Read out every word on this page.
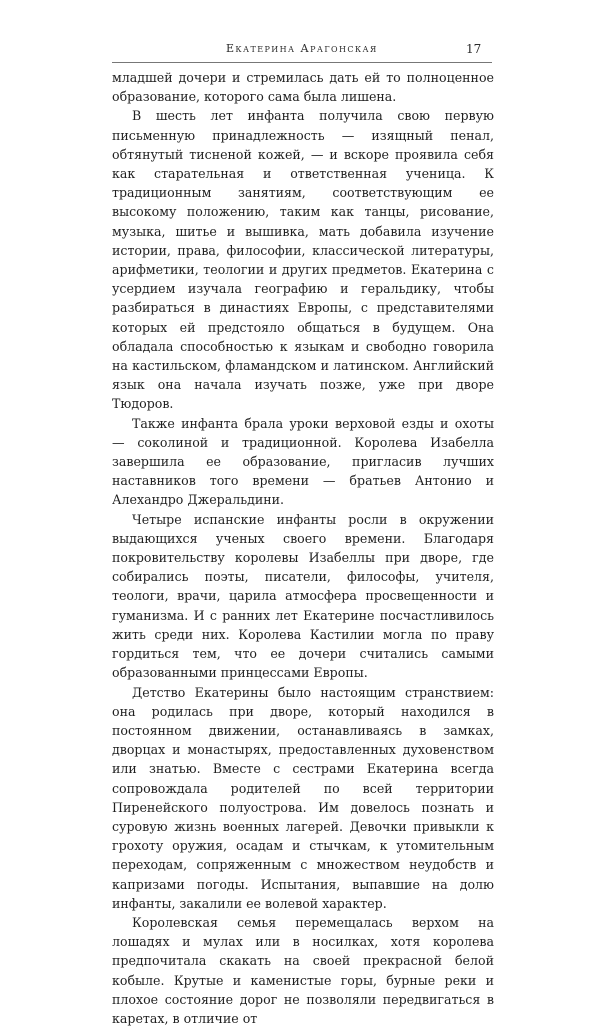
Екатерина Арагонская	17

младшей дочери и стремилась дать ей то полноценное образование, которого сама была лишена.

В шесть лет инфанта получила свою первую письменную принадлежность — изящный пенал, обтянутый тисненой кожей, — и вскоре проявила себя как старательная и ответственная ученица. К традиционным занятиям, соответствующим ее высокому положению, таким как танцы, рисование, музыка, шитье и вышивка, мать добавила изучение истории, права, философии, классической литературы, арифметики, теологии и других предметов. Екатерина с усердием изучала географию и геральдику, чтобы разбираться в династиях Европы, с представителями которых ей предстояло общаться в будущем. Она обладала способностью к языкам и свободно говорила на кастильском, фламандском и латинском. Английский язык она начала изучать позже, уже при дворе Тюдоров.

Также инфанта брала уроки верховой езды и охоты — соколиной и традиционной. Королева Изабелла завершила ее образование, пригласив лучших наставников того времени — братьев Антонио и Алехандро Джеральдини.

Четыре испанские инфанты росли в окружении выдающихся ученых своего времени. Благодаря покровительству королевы Изабеллы при дворе, где собирались поэты, писатели, философы, учителя, теологи, врачи, царила атмосфера просвещенности и гуманизма. И с ранних лет Екатерине посчастливилось жить среди них. Королева Кастилии могла по праву гордиться тем, что ее дочери считались самыми образованными принцессами Европы.

Детство Екатерины было настоящим странствием: она родилась при дворе, который находился в постоянном движении, останавливаясь в замках, дворцах и монастырях, предоставленных духовенством или знатью. Вместе с сестрами Екатерина всегда сопровождала родителей по всей территории Пиренейского полуострова. Им довелось познать и суровую жизнь военных лагерей. Девочки привыкли к грохоту оружия, осадам и стычкам, к утомительным переходам, сопряженным с множеством неудобств и капризами погоды. Испытания, выпавшие на долю инфанты, закалили ее волевой характер.

Королевская семья перемещалась верхом на лошадях и мулах или в носилках, хотя королева предпочитала скакать на своей прекрасной белой кобыле. Крутые и каменистые горы, бурные реки и плохое состояние дорог не позволяли передвигаться в каретах, в отличие от
